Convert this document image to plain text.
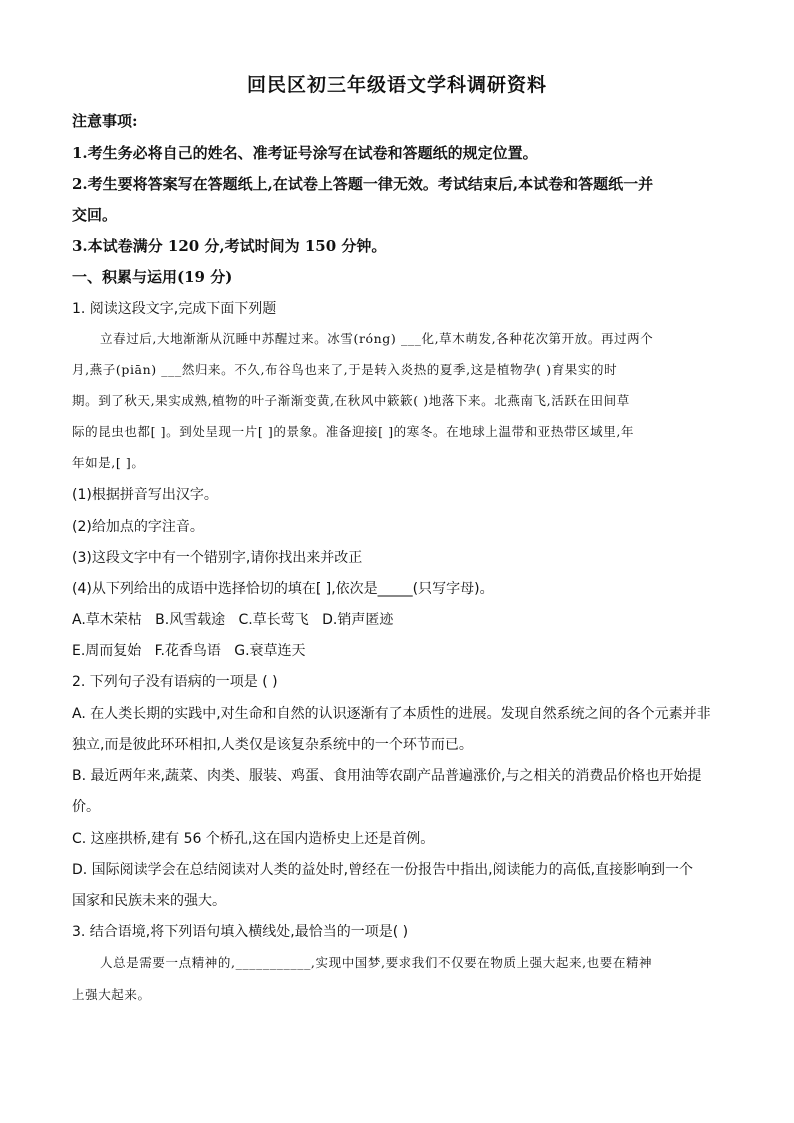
回民区初三年级语文学科调研资料
注意事项:
1.考生务必将自己的姓名、准考证号涂写在试卷和答题纸的规定位置。
2.考生要将答案写在答题纸上,在试卷上答题一律无效。考试结束后,本试卷和答题纸一并
交回。
3.本试卷满分 120 分,考试时间为 150 分钟。
一、积累与运用(19 分)
1. 阅读这段文字,完成下面下列题
立春过后,大地渐渐从沉睡中苏醒过来。冰雪(róng) ___化,草木萌发,各种花次第开放。再过两个
月,燕子(piān) ___然归来。不久,布谷鸟也来了,于是转入炎热的夏季,这是植物孕( )育果实的时
期。到了秋天,果实成熟,植物的叶子渐渐变黄,在秋风中簌簌( )地落下来。北燕南飞,活跃在田间草
际的昆虫也都[ ]。到处呈现一片[ ]的景象。准备迎接[ ]的寒冬。在地球上温带和亚热带区域里,年
年如是,[ ]。
(1)根据拼音写出汉字。
(2)给加点的字注音。
(3)这段文字中有一个错别字,请你找出来并改正
(4)从下列给出的成语中选择恰切的填在[ ],依次是_____(只写字母)。
A.草木荣枯   B.风雪载途   C.草长莺飞   D.销声匿迹
E.周而复始   F.花香鸟语   G.衰草连天
2. 下列句子没有语病的一项是 ( )
A. 在人类长期的实践中,对生命和自然的认识逐渐有了本质性的进展。发现自然系统之间的各个元素并非
独立,而是彼此环环相扣,人类仅是该复杂系统中的一个环节而已。
B. 最近两年来,蔬菜、肉类、服装、鸡蛋、食用油等农副产品普遍涨价,与之相关的消费品价格也开始提
价。
C. 这座拱桥,建有 56 个桥孔,这在国内造桥史上还是首例。
D. 国际阅读学会在总结阅读对人类的益处时,曾经在一份报告中指出,阅读能力的高低,直接影响到一个
国家和民族未来的强大。
3. 结合语境,将下列语句填入横线处,最恰当的一项是( )
人总是需要一点精神的,___________,实现中国梦,要求我们不仅要在物质上强大起来,也要在精神
上强大起来。
